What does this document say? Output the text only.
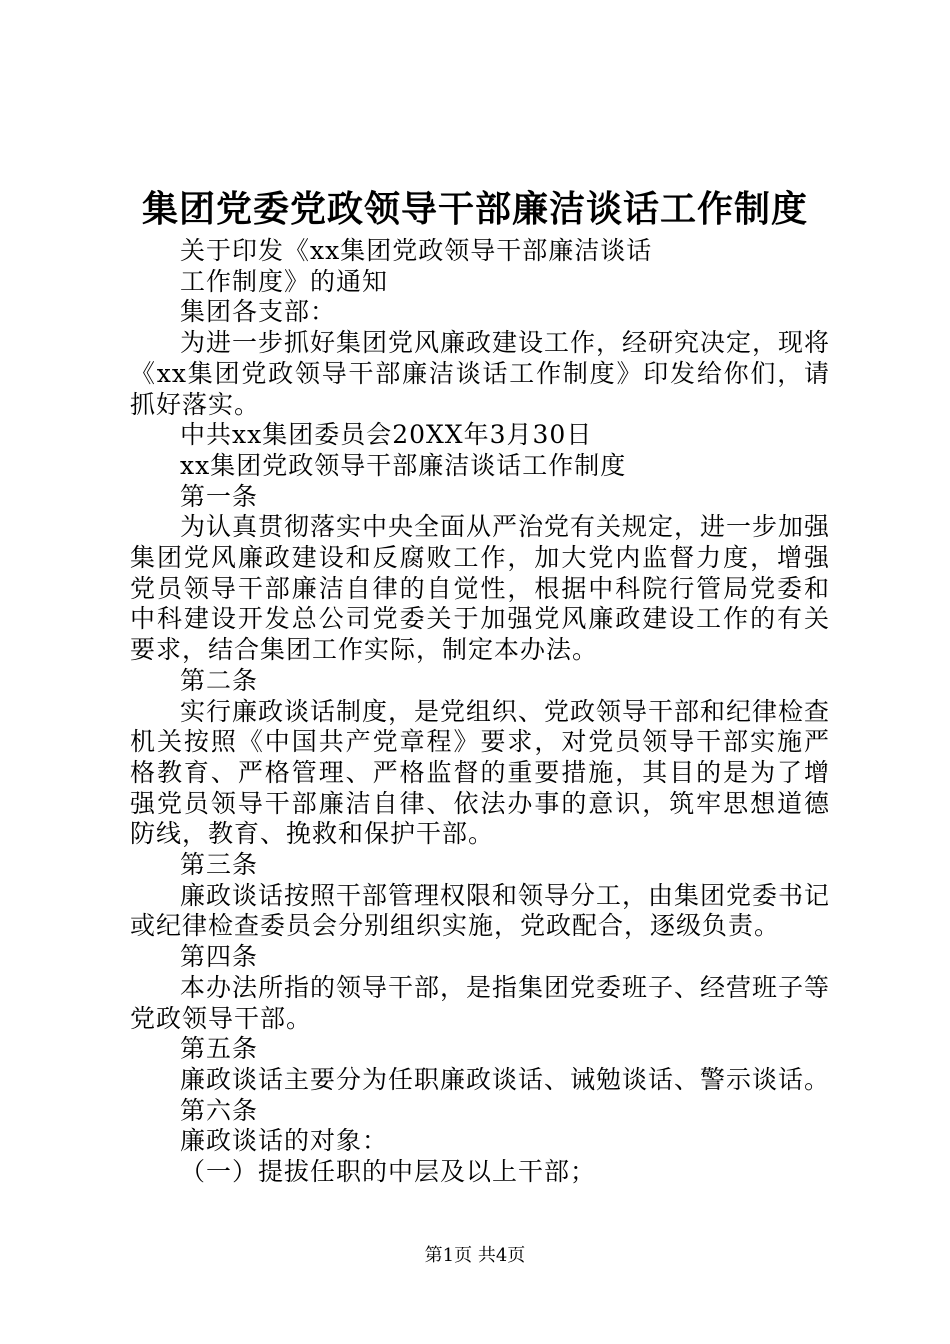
集团党委党政领导干部廉洁谈话工作制度

关于印发《xx集团党政领导干部廉洁谈话

工作制度》的通知

集团各支部：

为进一步抓好集团党风廉政建设工作，经研究决定，现将《xx集团党政领导干部廉洁谈话工作制度》印发给你们，请抓好落实。

中共xx集团委员会20XX年3月30日

xx集团党政领导干部廉洁谈话工作制度

第一条

为认真贯彻落实中央全面从严治党有关规定，进一步加强集团党风廉政建设和反腐败工作，加大党内监督力度，增强党员领导干部廉洁自律的自觉性，根据中科院行管局党委和中科建设开发总公司党委关于加强党风廉政建设工作的有关要求，结合集团工作实际，制定本办法。

第二条

实行廉政谈话制度，是党组织、党政领导干部和纪律检查机关按照《中国共产党章程》要求，对党员领导干部实施严格教育、严格管理、严格监督的重要措施，其目的是为了增强党员领导干部廉洁自律、依法办事的意识，筑牢思想道德防线，教育、挽救和保护干部。

第三条

廉政谈话按照干部管理权限和领导分工，由集团党委书记或纪律检查委员会分别组织实施，党政配合，逐级负责。

第四条

本办法所指的领导干部，是指集团党委班子、经营班子等党政领导干部。

第五条

廉政谈话主要分为任职廉政谈话、诫勉谈话、警示谈话。

第六条

廉政谈话的对象：

（一）提拔任职的中层及以上干部；

第1页 共4页
